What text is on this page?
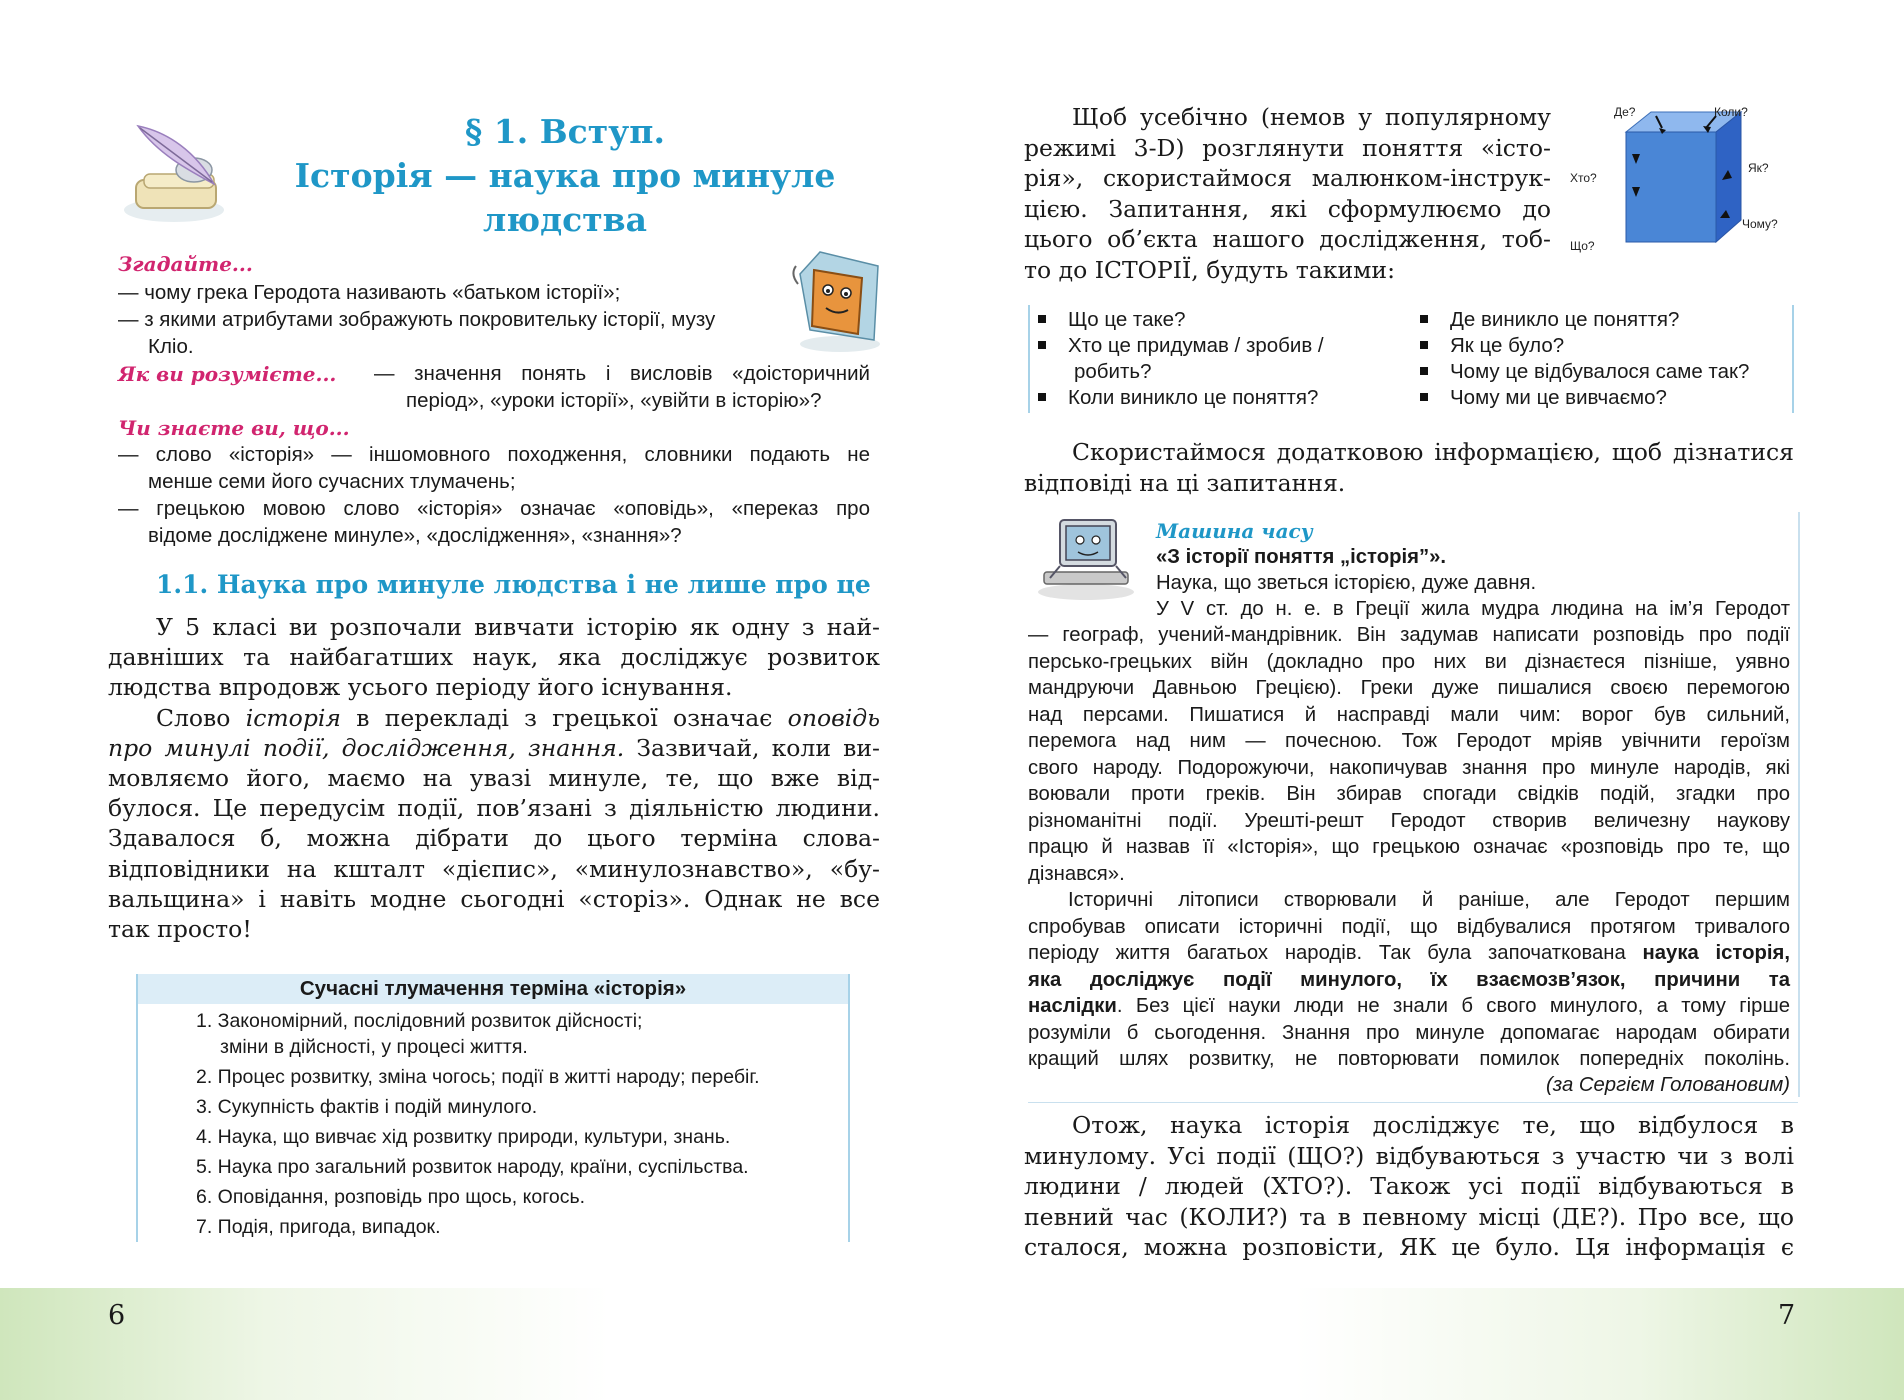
§ 1. Вступ.
Історія — наука про минуле
людства
Згадайте...
— чому грека Геродота називають «батьком історії»;
— з якими атрибутами зображують покровительку історії, музу
Кліо.
Як ви розумієте... — значення понять і висловів «доісторичний
період», «уроки історії», «увійти в історію»?
Чи знаєте ви, що...
— слово «історія» — іншомовного походження, словники подають не
менше семи його сучасних тлумачень;
— грецькою мовою слово «історія» означає «оповідь», «переказ про
відоме досліджене минуле», «дослідження», «знання»?
1.1. Наука про минуле людства і не лише про це
У 5 класі ви розпочали вивчати історію як одну з най-
давніших та найбагатших наук, яка досліджує розвиток
людства впродовж усього періоду його існування.
Слово історія в перекладі з грецької означає оповідь
про минулі події, дослідження, знання. Зазвичай, коли ви-
мовляємо його, маємо на увазі минуле, те, що вже від-
булося. Це передусім події, пов’язані з діяльністю людини.
Здавалося б, можна дібрати до цього терміна слова-
відповідники на кшталт «дієпис», «минулознавство», «бу-
вальщина» і навіть модне сьогодні «сторіз». Однак не все
так просто!
Сучасні тлумачення терміна «історія»
1. Закономірний, послідовний розвиток дійсності;
зміни в дійсності, у процесі життя.
2. Процес розвитку, зміна чогось; події в житті народу; перебіг.
3. Сукупність фактів і подій минулого.
4. Наука, що вивчає хід розвитку природи, культури, знань.
5. Наука про загальний розвиток народу, країни, суспільства.
6. Оповідання, розповідь про щось, когось.
7. Подія, пригода, випадок.
6
Щоб усебічно (немов у популярному
режимі 3-D) розглянути поняття «істо-
рія», скористаймося малюнком-інструк-
цією. Запитання, які сформулюємо до
цього об’єкта нашого дослідження, тоб-
то до ІСТОРІЇ, будуть такими:
Де?	Коли?
Хто?
Як?
Що?
Чому?
Що це таке?
Хто це придумав / зробив /
робить?
Коли виникло це поняття?
Де виникло це поняття?
Як це було?
Чому це відбувалося саме так?
Чому ми це вивчаємо?
Скористаймося додатковою інформацією, щоб дізнатися
відповіді на ці запитання.
Машина часу
«З історії поняття „історія”».
Наука, що зветься історією, дуже давня.
У V ст. до н. е. в Греції жила мудра людина на ім’я Геродот
— географ, учений-мандрівник. Він задумав написати розповідь про події
персько-грецьких війн (докладно про них ви дізнаєтеся пізніше, уявно
мандруючи Давньою Грецією). Греки дуже пишалися своєю перемогою
над персами. Пишатися й насправді мали чим: ворог був сильний,
перемога над ним — почесною. Тож Геродот мріяв увічнити героїзм
свого народу. Подорожуючи, накопичував знання про минуле народів, які
воювали проти греків. Він збирав спогади свідків подій, згадки про
різноманітні події. Урешті-решт Геродот створив величезну наукову
працю й назвав її «Історія», що грецькою означає «розповідь про те, що
дізнався».
Історичні літописи створювали й раніше, але Геродот першим
спробував описати історичні події, що відбувалися протягом тривалого
періоду життя багатьох народів. Так була започаткована наука історія,
яка досліджує події минулого, їх взаємозв’язок, причини та
наслідки. Без цієї науки люди не знали б свого минулого, а тому гірше
розуміли б сьогодення. Знання про минуле допомагає народам обирати
кращий шлях розвитку, не повторювати помилок попередніх поколінь.
(за Сергієм Головановим)
Отож, наука історія досліджує те, що відбулося в
минулому. Усі події (ЩО?) відбуваються з участю чи з волі
людини / людей (ХТО?). Також усі події відбуваються в
певний час (КОЛИ?) та в певному місці (ДЕ?). Про все, що
сталося, можна розповісти, ЯК це було. Ця інформація є
7
